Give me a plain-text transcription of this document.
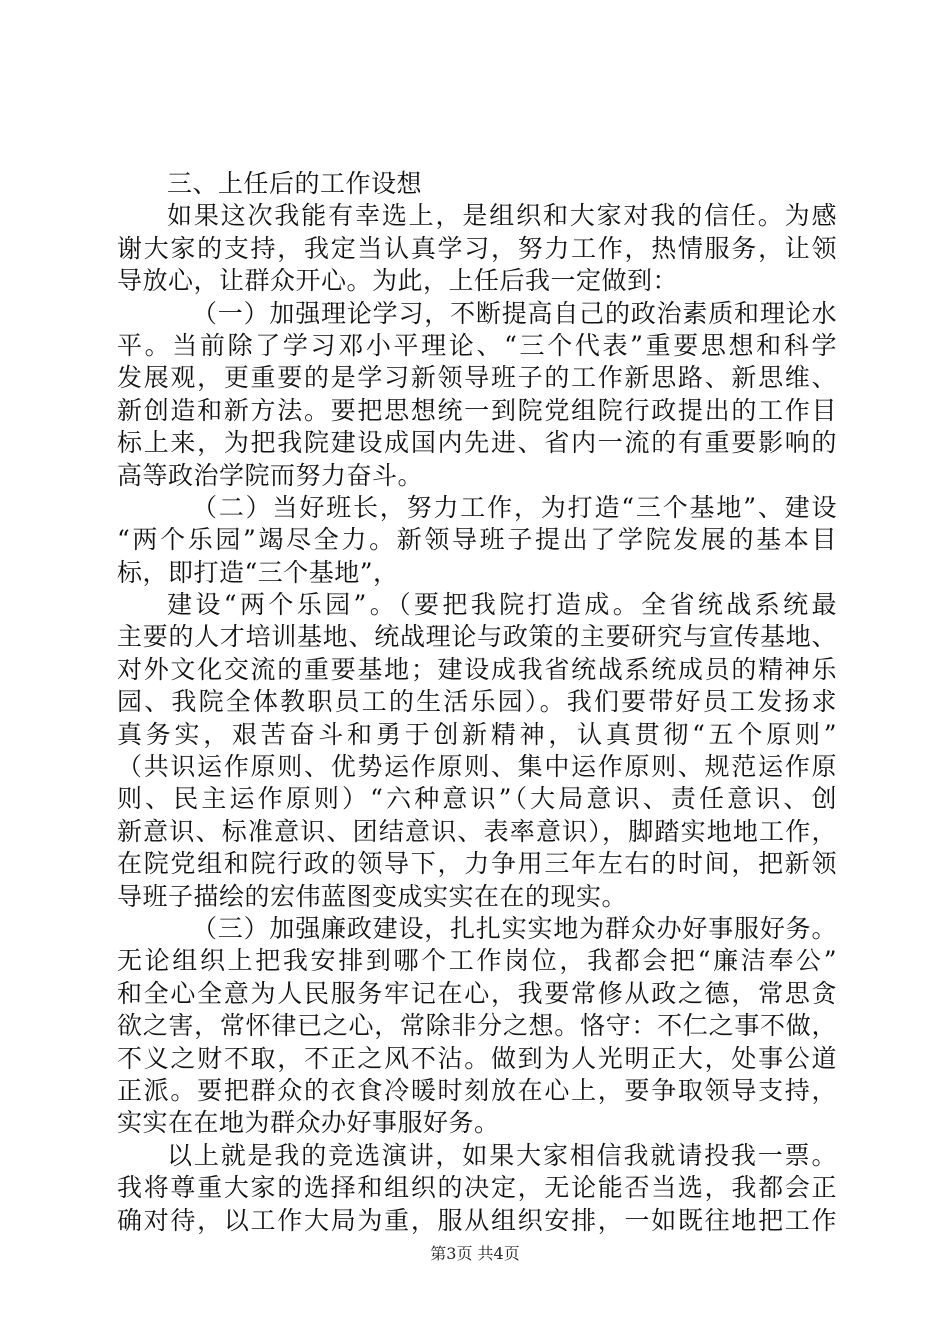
三、上任后的工作设想
如果这次我能有幸选上，是组织和大家对我的信任。为感
谢大家的支持，我定当认真学习，努力工作，热情服务，让领
导放心，让群众开心。为此，上任后我一定做到：
（一）加强理论学习，不断提高自己的政治素质和理论水
平。当前除了学习邓小平理论、“三个代表”重要思想和科学
发展观，更重要的是学习新领导班子的工作新思路、新思维、
新创造和新方法。要把思想统一到院党组院行政提出的工作目
标上来，为把我院建设成国内先进、省内一流的有重要影响的
高等政治学院而努力奋斗。
（二）当好班长，努力工作，为打造“三个基地”、建设
“两个乐园”竭尽全力。新领导班子提出了学院发展的基本目
标，即打造“三个基地”，
建设“两个乐园”。（要把我院打造成。全省统战系统最
主要的人才培训基地、统战理论与政策的主要研究与宣传基地、
对外文化交流的重要基地；建设成我省统战系统成员的精神乐
园、我院全体教职员工的生活乐园）。我们要带好员工发扬求
真务实，艰苦奋斗和勇于创新精神，认真贯彻“五个原则”
（共识运作原则、优势运作原则、集中运作原则、规范运作原
则、民主运作原则）“六种意识”（大局意识、责任意识、创
新意识、标准意识、团结意识、表率意识），脚踏实地地工作，
在院党组和院行政的领导下，力争用三年左右的时间，把新领
导班子描绘的宏伟蓝图变成实实在在的现实。
（三）加强廉政建设，扎扎实实地为群众办好事服好务。
无论组织上把我安排到哪个工作岗位，我都会把“廉洁奉公”
和全心全意为人民服务牢记在心，我要常修从政之德，常思贪
欲之害，常怀律已之心，常除非分之想。恪守：不仁之事不做，
不义之财不取，不正之风不沾。做到为人光明正大，处事公道
正派。要把群众的衣食冷暖时刻放在心上，要争取领导支持，
实实在在地为群众办好事服好务。
以上就是我的竞选演讲，如果大家相信我就请投我一票。
我将尊重大家的选择和组织的决定，无论能否当选，我都会正
确对待，以工作大局为重，服从组织安排，一如既往地把工作
第3页 共4页
